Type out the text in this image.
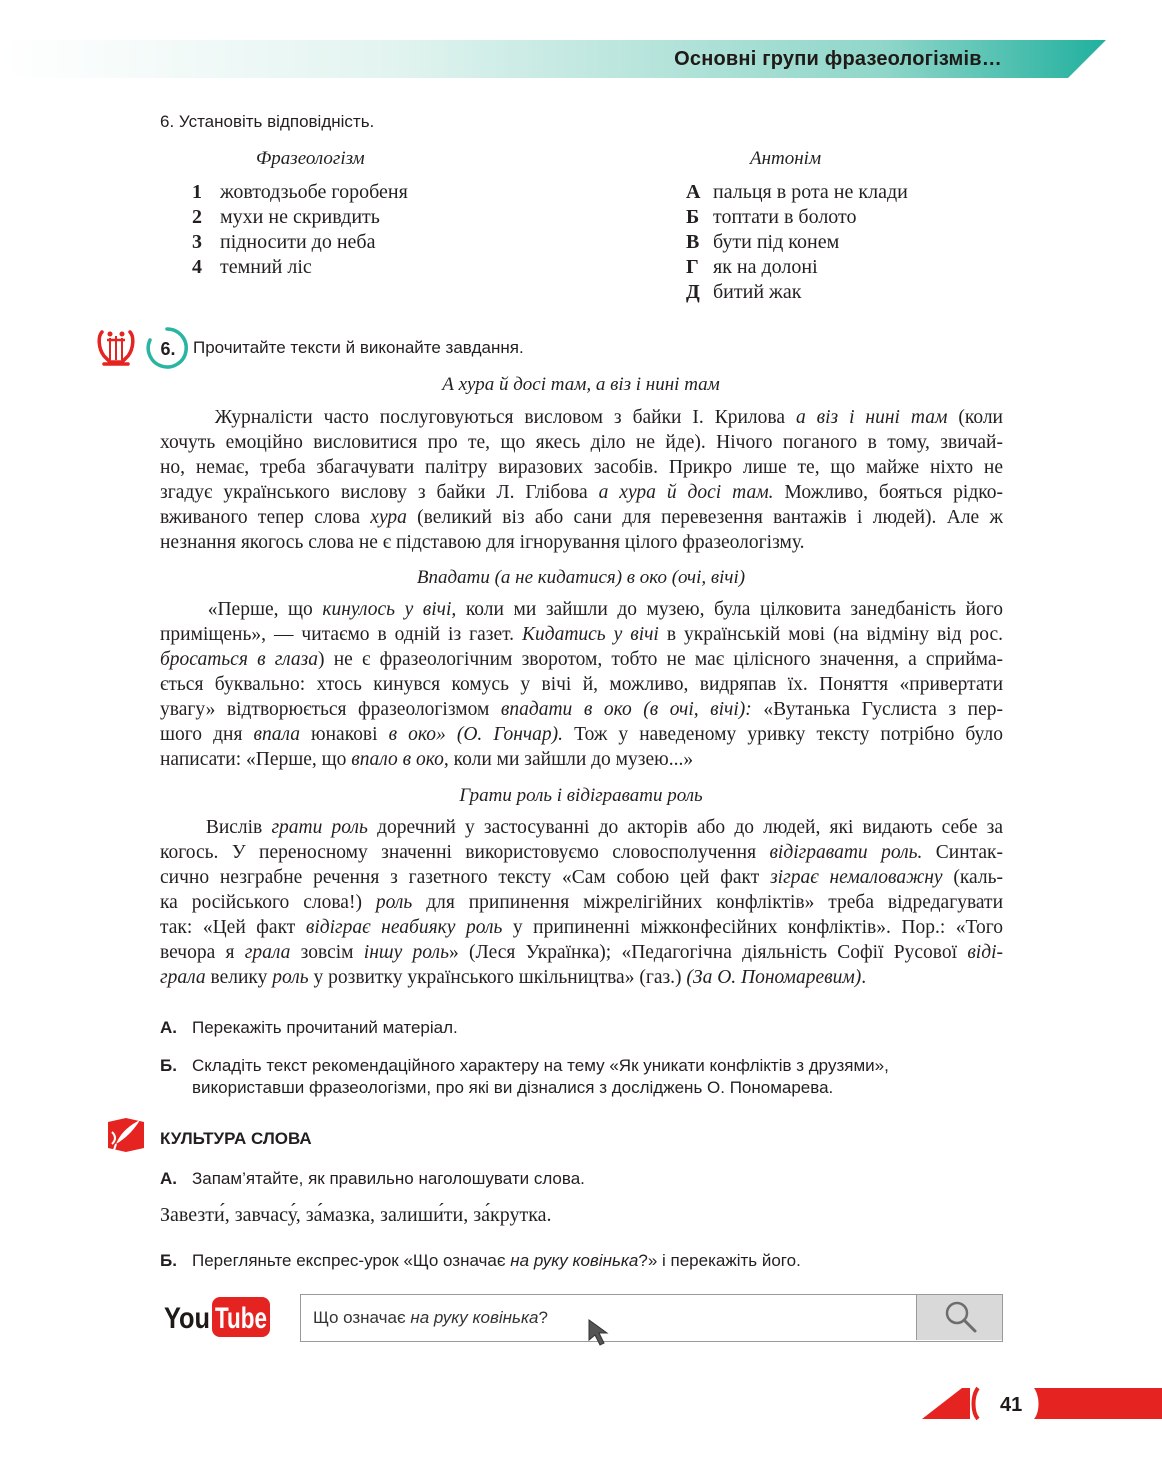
Основні групи фразеологізмів…
6. Установіть відповідність.
Фразеологізм	Антонім
1 жовтодзьобе горобеня
2 мухи не скривдить
3 підносити до неба
4 темний ліс
А пальця в рота не клади
Б топтати в болото
В бути під конем
Г як на долоні
Д битий жак
6. Прочитайте тексти й виконайте завдання.
А хура й досі там, а віз і нині там
Журналісти часто послуговуються висловом з байки І. Крилова а віз і нині там (коли
хочуть емоційно висловитися про те, що якесь діло не йде). Нічого поганого в тому, звичай-
но, немає, треба збагачувати палітру виразових засобів. Прикро лише те, що майже ніхто не
згадує українського вислову з байки Л. Глібова а хура й досі там. Можливо, бояться рідко-
вживаного тепер слова хура (великий віз або сани для перевезення вантажів і людей). Але ж
незнання якогось слова не є підставою для ігнорування цілого фразеологізму.
Впадати (а не кидатися) в око (очі, вічі)
«Перше, що кинулось у вічі, коли ми зайшли до музею, була цілковита занедбаність його
приміщень», — читаємо в одній із газет. Кидатись у вічі в українській мові (на відміну від рос.
бросаться в глаза) не є фразеологічним зворотом, тобто не має цілісного значення, а сприйма-
ється буквально: хтось кинувся комусь у вічі й, можливо, видряпав їх. Поняття «привертати
увагу» відтворюється фразеологізмом впадати в око (в очі, вічі): «Вутанька Гуслиста з пер-
шого дня впала юнакові в око» (О. Гончар). Тож у наведеному уривку тексту потрібно було
написати: «Перше, що впало в око, коли ми зайшли до музею...»
Грати роль і відігравати роль
Вислів грати роль доречний у застосуванні до акторів або до людей, які видають себе за
когось. У переносному значенні використовуємо словосполучення відігравати роль. Синтак-
сично незграбне речення з газетного тексту «Сам собою цей факт зіграє немаловажну (каль-
ка російського слова!) роль для припинення міжрелігійних конфліктів» треба відредагувати
так: «Цей факт відіграє неабияку роль у припиненні міжконфесійних конфліктів». Пор.: «Того
вечора я грала зовсім іншу роль» (Леся Українка); «Педагогічна діяльність Софії Русової віді-
грала велику роль у розвитку українського шкільництва» (газ.) (За О. Пономаревим).
А. Перекажіть прочитаний матеріал.
Б. Складіть текст рекомендаційного характеру на тему «Як уникати конфліктів з друзями»,
використавши фразеологізми, про які ви дізналися з досліджень О. Пономарева.
КУЛЬТУРА СЛОВА
А. Запам’ятайте, як правильно наголошувати слова.
Завезти́, завчасу́, за́мазка, залиши́ти, за́крутка.
Б. Перегляньте експрес-урок «Що означає на руку ковінька?» і перекажіть його.
You Tube	Що означає на руку ковінька?
41
